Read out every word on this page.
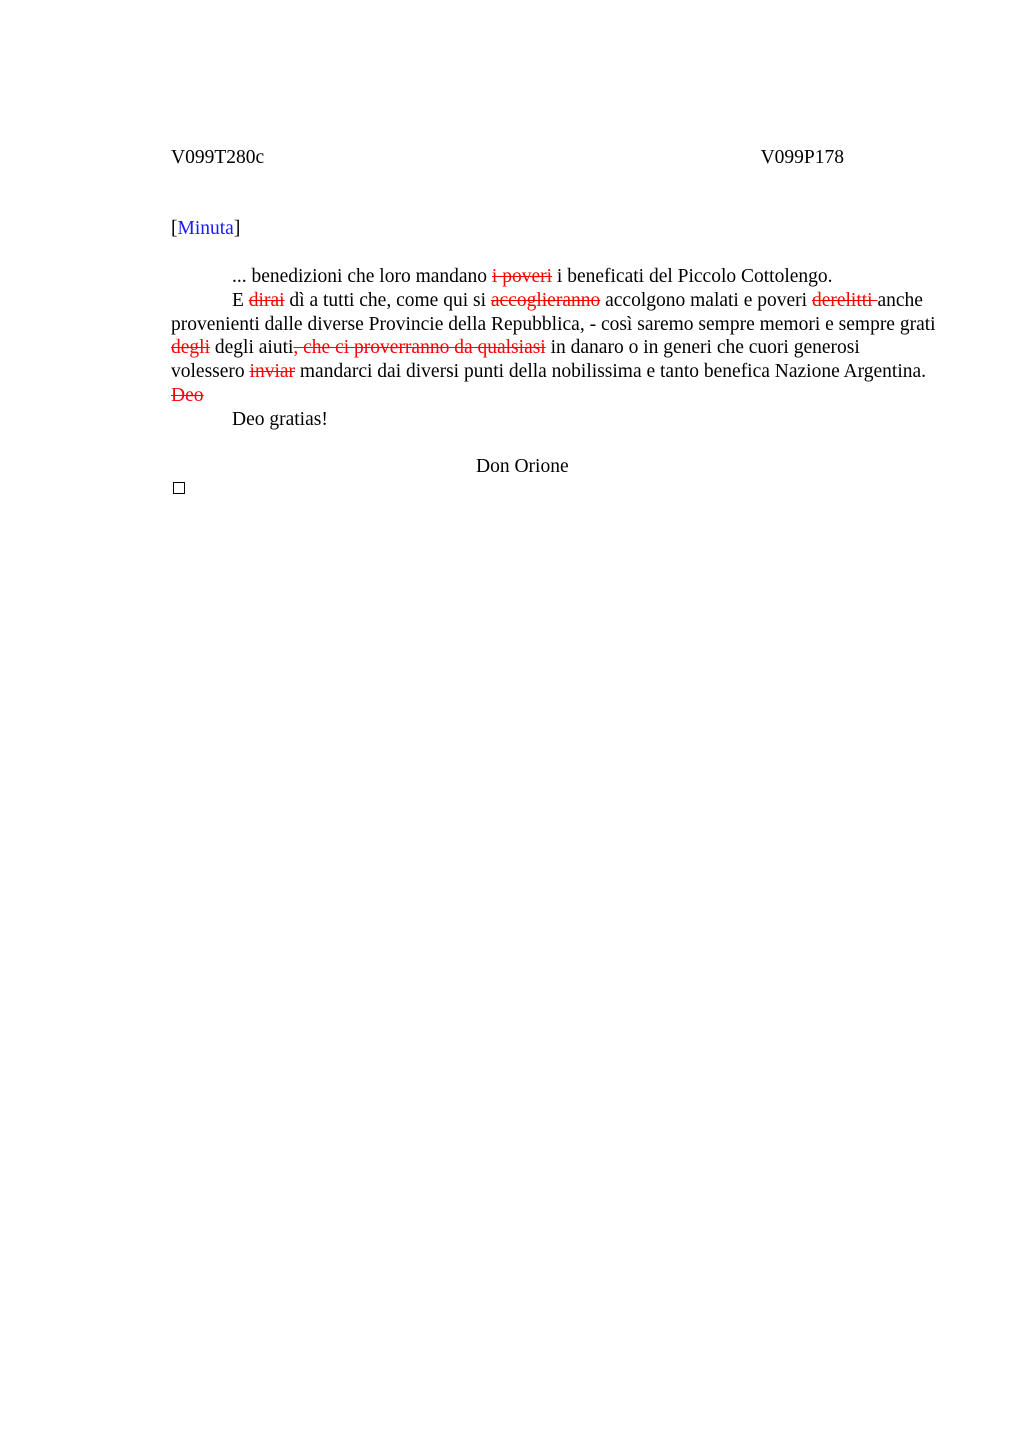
V099T280c	V099P178
[Minuta]

... benedizioni che loro mandano i poveri i beneficati del Piccolo Cottolengo.

E dirai dì a tutti che, come qui si accoglieranno accolgono malati e poveri derelitti anche provenienti dalle diverse Provincie della Repubblica, - così saremo sempre memori e sempre grati degli degli aiuti, che ci proverranno da qualsiasi in danaro o in generi che cuori generosi volessero inviar mandarci dai diversi punti della nobilissima e tanto benefica Nazione Argentina. Deo

Deo gratias!

Don Orione
